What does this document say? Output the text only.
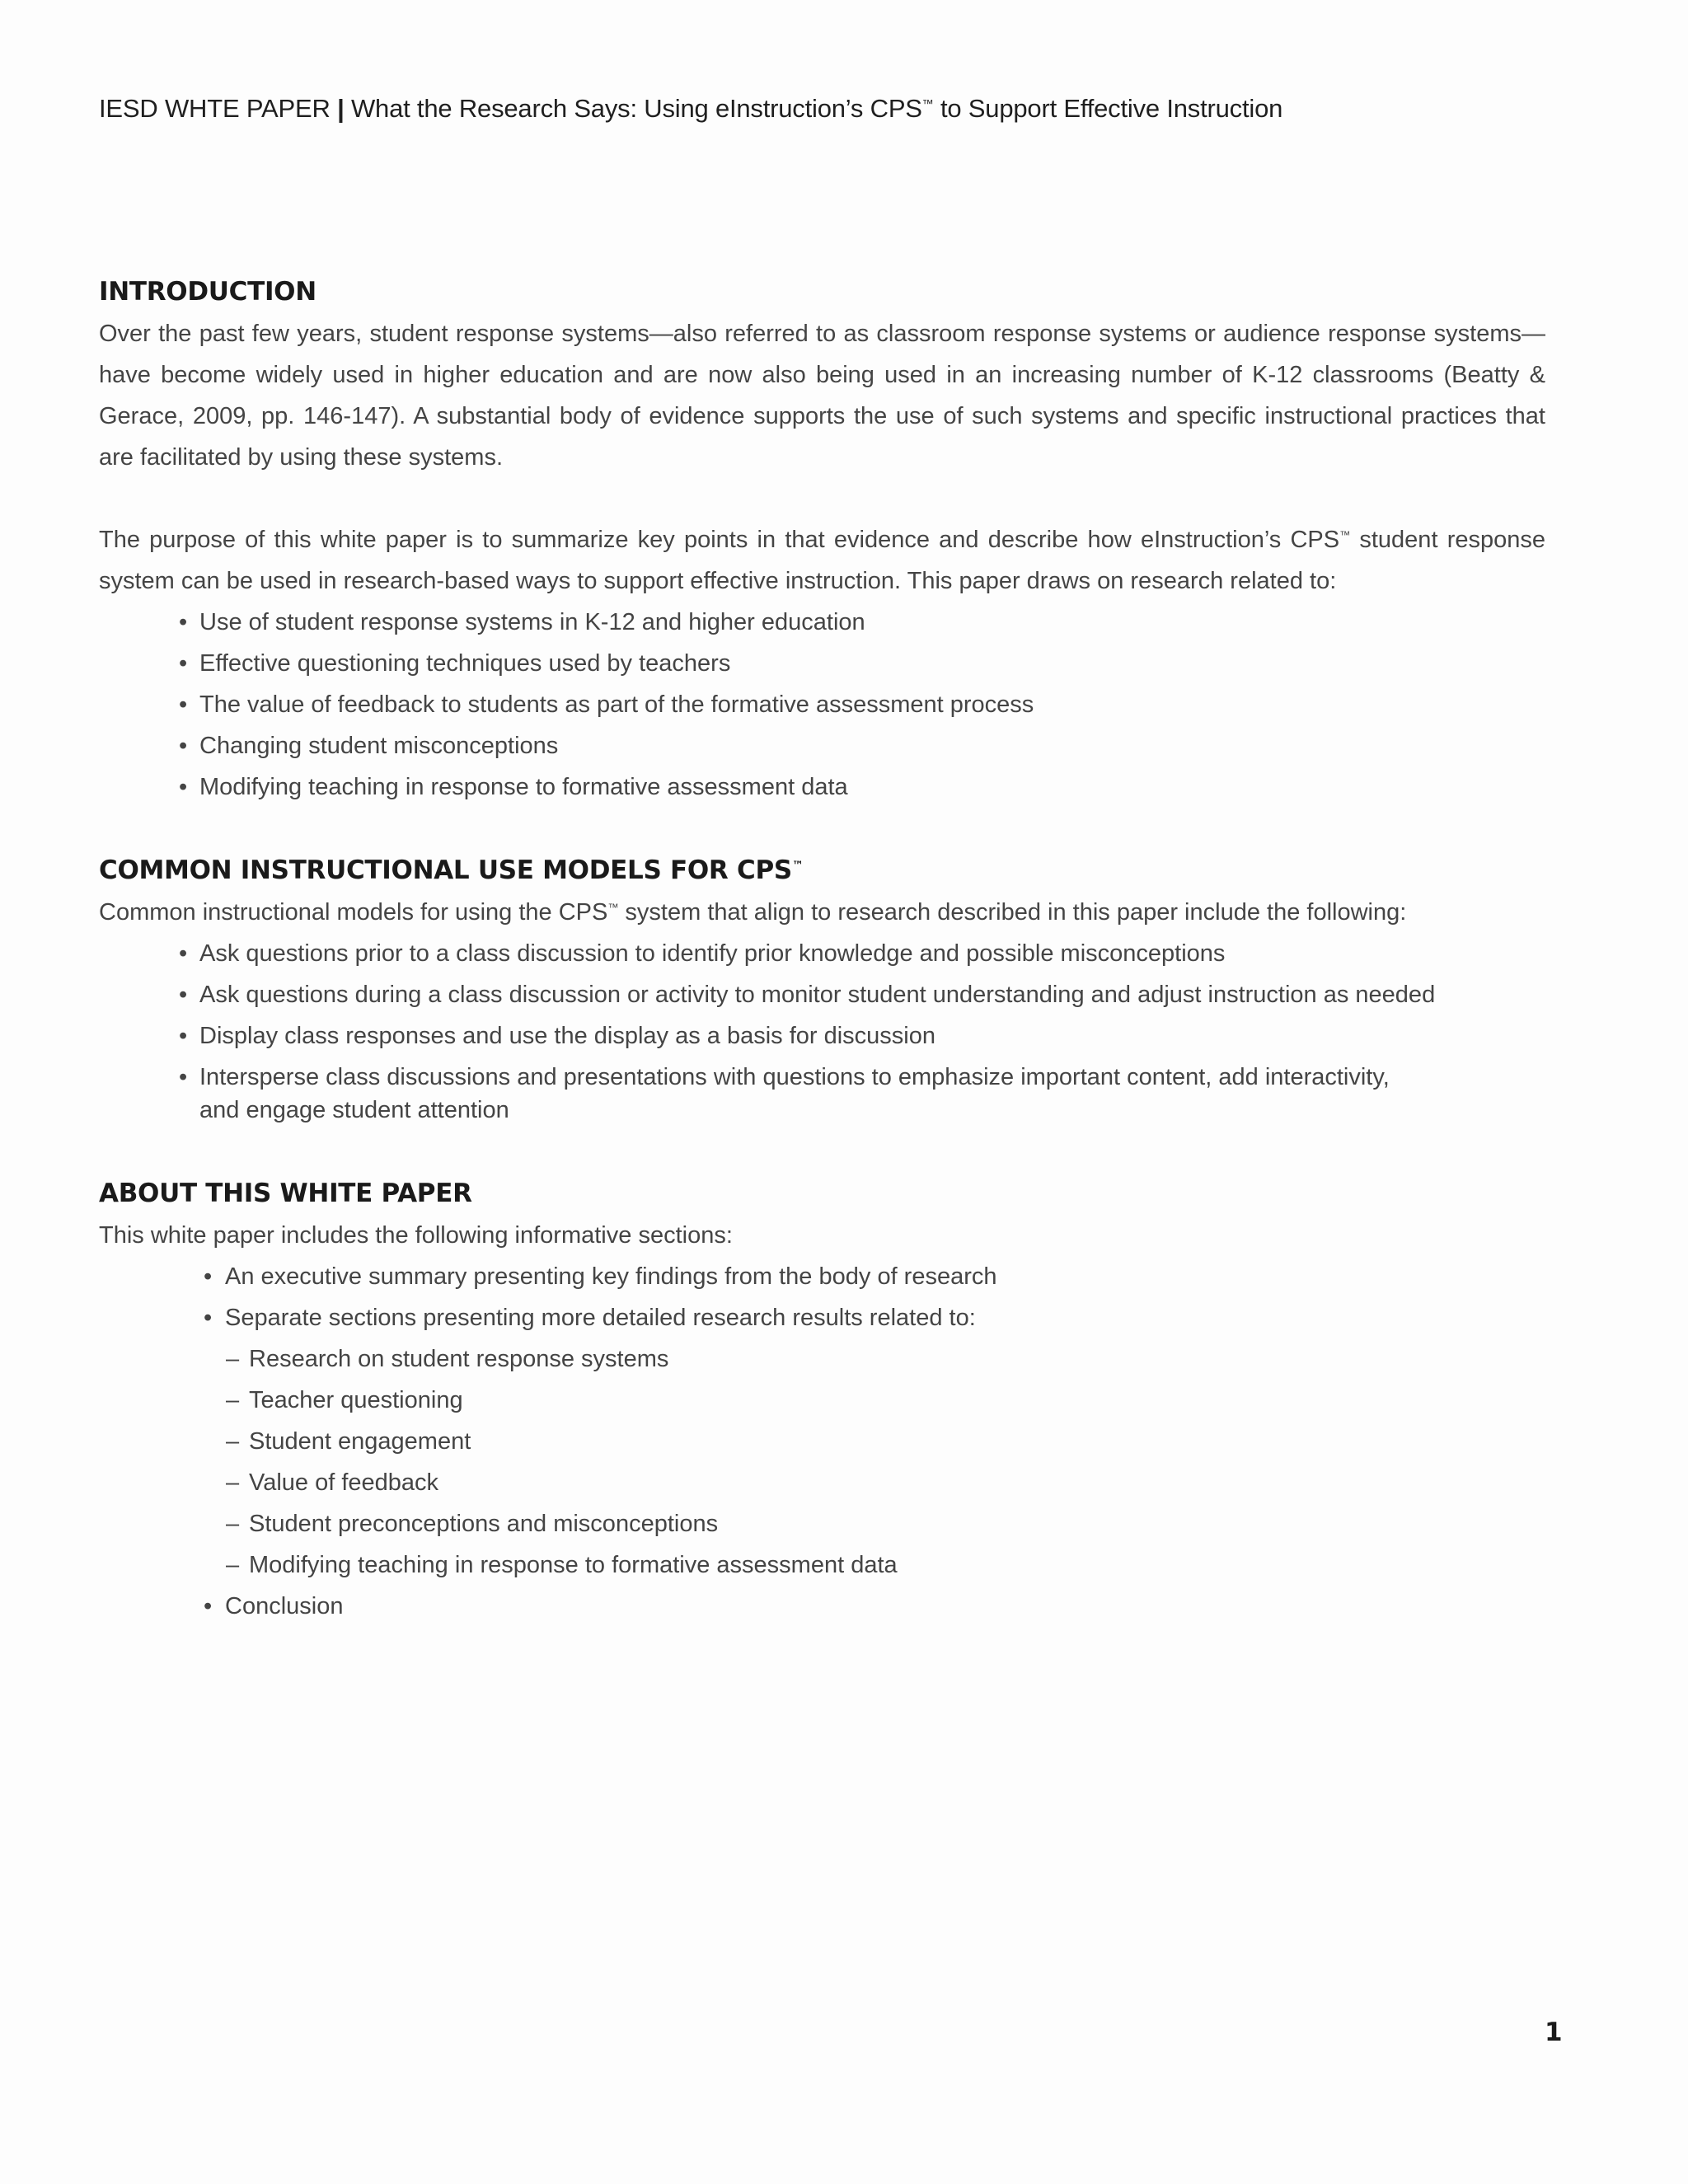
IESD WHTE PAPER | What the Research Says: Using eInstruction’s CPS™ to Support Effective Instruction
INTRODUCTION

Over the past few years, student response systems—also referred to as classroom response systems or audience response systems—have become widely used in higher education and are now also being used in an increasing number of K-12 classrooms (Beatty & Gerace, 2009, pp. 146-147). A substantial body of evidence supports the use of such systems and specific instructional practices that are facilitated by using these systems.

The purpose of this white paper is to summarize key points in that evidence and describe how eInstruction’s CPS™ student response system can be used in research-based ways to support effective instruction. This paper draws on research related to:

• Use of student response systems in K-12 and higher education
• Effective questioning techniques used by teachers
• The value of feedback to students as part of the formative assessment process
• Changing student misconceptions
• Modifying teaching in response to formative assessment data
COMMON INSTRUCTIONAL USE MODELS FOR CPS™

Common instructional models for using the CPS™ system that align to research described in this paper include the following:

• Ask questions prior to a class discussion to identify prior knowledge and possible misconceptions
• Ask questions during a class discussion or activity to monitor student understanding and adjust instruction as needed
• Display class responses and use the display as a basis for discussion
• Intersperse class discussions and presentations with questions to emphasize important content, add interactivity, and engage student attention
ABOUT THIS WHITE PAPER

This white paper includes the following informative sections:

• An executive summary presenting key findings from the body of research
• Separate sections presenting more detailed research results related to:
– Research on student response systems
– Teacher questioning
– Student engagement
– Value of feedback
– Student preconceptions and misconceptions
– Modifying teaching in response to formative assessment data
• Conclusion
1
